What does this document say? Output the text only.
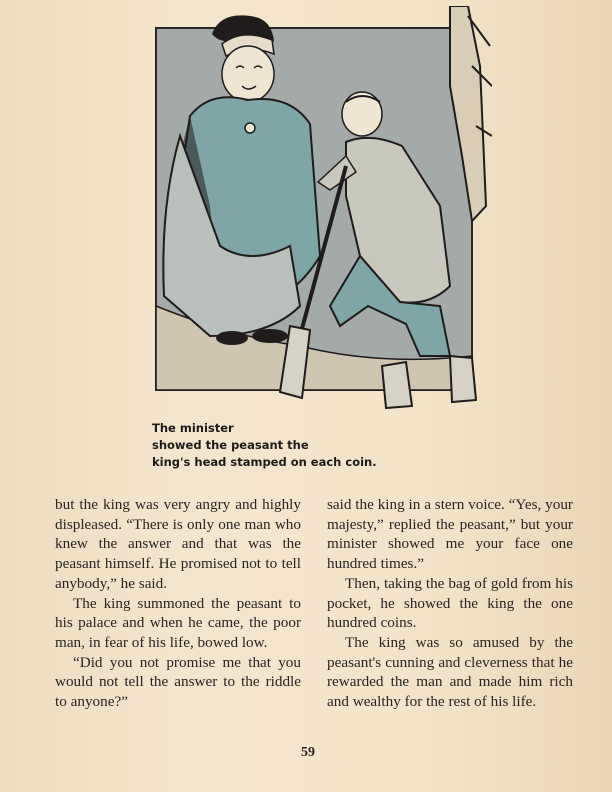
The minister
showed the peasant the
king's head stamped on each coin.

but the king was very angry and highly displeased. “There is only one man who knew the answer and that was the peasant himself. He promised not to tell anybody,” he said.

The king summoned the peasant to his palace and when he came, the poor man, in fear of his life, bowed low.

“Did you not promise me that you would not tell the answer to the riddle to anyone?”

said the king in a stern voice. “Yes, your majesty,” replied the peasant,” but your minister showed me your face one hundred times.”

Then, taking the bag of gold from his pocket, he showed the king the one hundred coins.

The king was so amused by the peasant's cunning and cleverness that he rewarded the man and made him rich and wealthy for the rest of his life.

59
